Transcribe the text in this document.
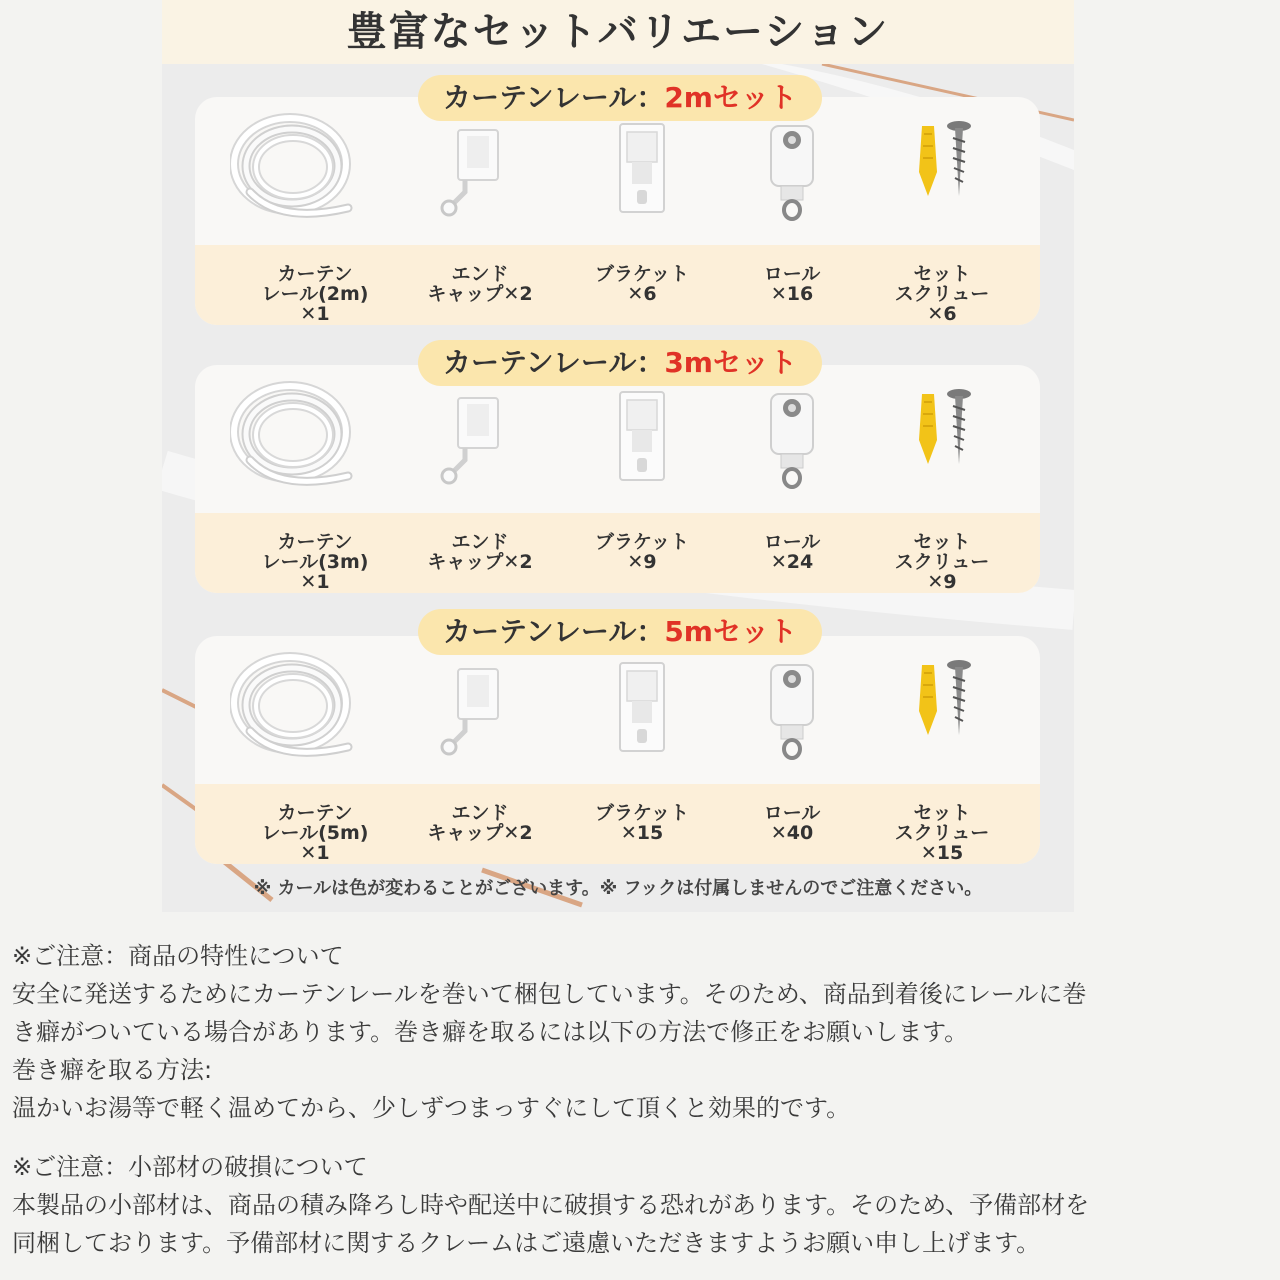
豊富なセットバリエーション
カーテン
レール(2m)
✕1
エンド
キャップ✕2
ブラケット
✕6
ロール
✕16
セット
スクリュー
✕6
カーテンレール：2mセット
カーテン
レール(3m)
✕1
エンド
キャップ✕2
ブラケット
✕9
ロール
✕24
セット
スクリュー
✕9
カーテンレール：3mセット
カーテン
レール(5m)
✕1
エンド
キャップ✕2
ブラケット
✕15
ロール
✕40
セット
スクリュー
✕15
カーテンレール：5mセット
※ カールは色が変わることがございます。※ フックは付属しませんのでご注意ください。
※ご注意：商品の特性について
安全に発送するためにカーテンレールを巻いて梱包しています。そのため、商品到着後にレールに巻
き癖がついている場合があります。巻き癖を取るには以下の方法で修正をお願いします。
巻き癖を取る方法:
温かいお湯等で軽く温めてから、少しずつまっすぐにして頂くと効果的です。
※ご注意：小部材の破損について
本製品の小部材は、商品の積み降ろし時や配送中に破損する恐れがあります。そのため、予備部材を
同梱しております。予備部材に関するクレームはご遠慮いただきますようお願い申し上げます。
